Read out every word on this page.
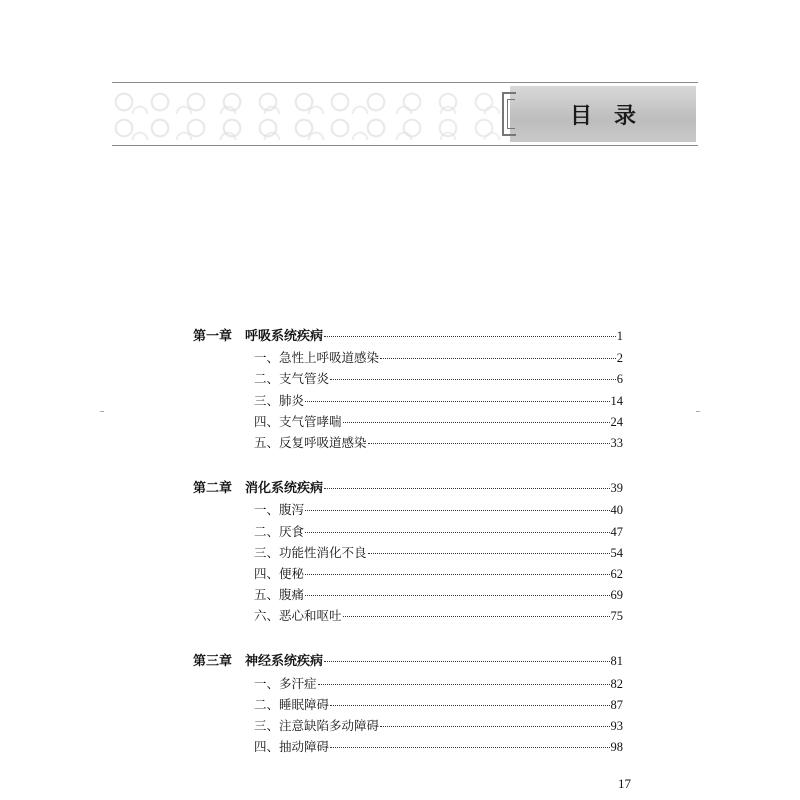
目录
第一章 呼吸系统疾病	1
一、急性上呼吸道感染	2
二、支气管炎	6
三、肺炎	14
四、支气管哮喘	24
五、反复呼吸道感染	33
第二章 消化系统疾病	39
一、腹泻	40
二、厌食	47
三、功能性消化不良	54
四、便秘	62
五、腹痛	69
六、恶心和呕吐	75
第三章 神经系统疾病	81
一、多汗症	82
二、睡眠障碍	87
三、注意缺陷多动障碍	93
四、抽动障碍	98
17
